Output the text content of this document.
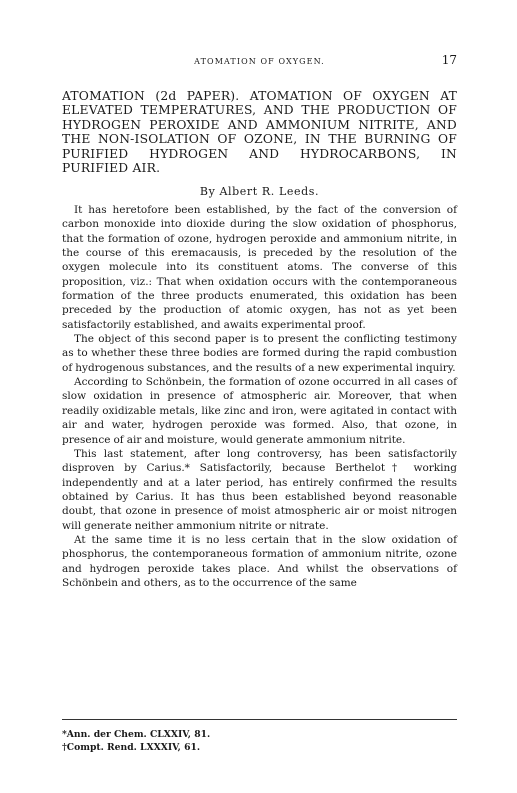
ATOMATION OF OXYGEN.	17
ATOMATION (2d PAPER). ATOMATION OF OXYGEN AT ELEVATED TEMPERATURES, AND THE PRODUCTION OF HYDROGEN PEROXIDE AND AMMONIUM NITRITE, AND THE NON-ISOLATION OF OZONE, IN THE BURNING OF PURIFIED HYDROGEN AND HYDROCARBONS, IN PURIFIED AIR.
By Albert R. Leeds.

It has heretofore been established, by the fact of the conversion of carbon monoxide into dioxide during the slow oxidation of phosphorus, that the formation of ozone, hydrogen peroxide and ammonium nitrite, in the course of this eremacausis, is preceded by the resolution of the oxygen molecule into its constituent atoms. The converse of this proposition, viz.: That when oxidation occurs with the contemporaneous formation of the three products enumerated, this oxidation has been preceded by the production of atomic oxygen, has not as yet been satisfactorily established, and awaits experimental proof.

The object of this second paper is to present the conflicting testimony as to whether these three bodies are formed during the rapid combustion of hydrogenous substances, and the results of a new experimental inquiry.

According to Schönbein, the formation of ozone occurred in all cases of slow oxidation in presence of atmospheric air. Moreover, that when readily oxidizable metals, like zinc and iron, were agitated in contact with air and water, hydrogen peroxide was formed. Also, that ozone, in presence of air and moisture, would generate ammonium nitrite.

This last statement, after long controversy, has been satisfactorily disproven by Carius.* Satisfactorily, because Berthelot† working independently and at a later period, has entirely confirmed the results obtained by Carius. It has thus been established beyond reasonable doubt, that ozone in presence of moist atmospheric air or moist nitrogen will generate neither ammonium nitrite or nitrate.

At the same time it is no less certain that in the slow oxidation of phosphorus, the contemporaneous formation of ammonium nitrite, ozone and hydrogen peroxide takes place. And whilst the observations of Schönbein and others, as to the occurrence of the same

*Ann. der Chem. CLXXIV, 81.
†Compt. Rend. LXXXIV, 61.
